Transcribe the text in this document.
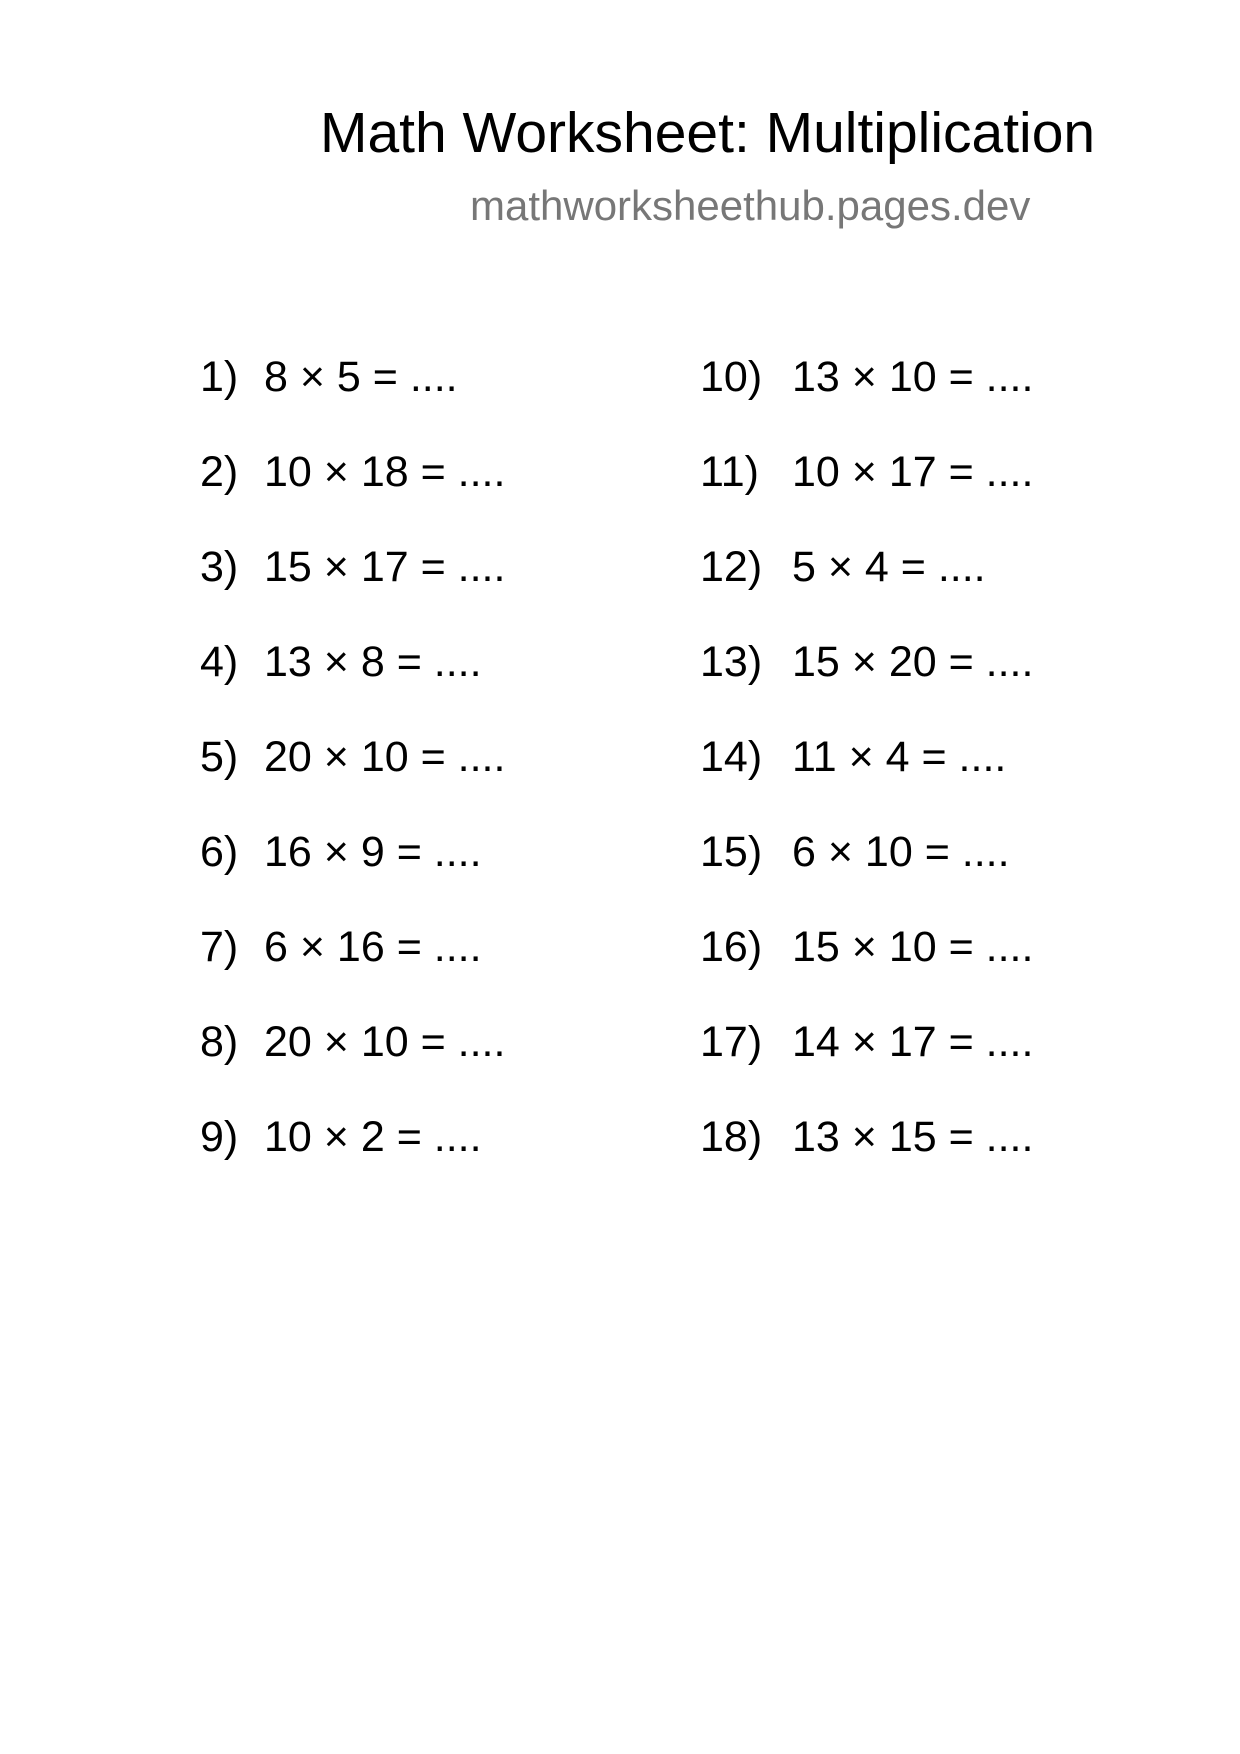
Math Worksheet: Multiplication
mathworksheethub.pages.dev
1) 8 × 5 = ....
2) 10 × 18 = ....
3) 15 × 17 = ....
4) 13 × 8 = ....
5) 20 × 10 = ....
6) 16 × 9 = ....
7) 6 × 16 = ....
8) 20 × 10 = ....
9) 10 × 2 = ....
10) 13 × 10 = ....
11) 10 × 17 = ....
12) 5 × 4 = ....
13) 15 × 20 = ....
14) 11 × 4 = ....
15) 6 × 10 = ....
16) 15 × 10 = ....
17) 14 × 17 = ....
18) 13 × 15 = ....
